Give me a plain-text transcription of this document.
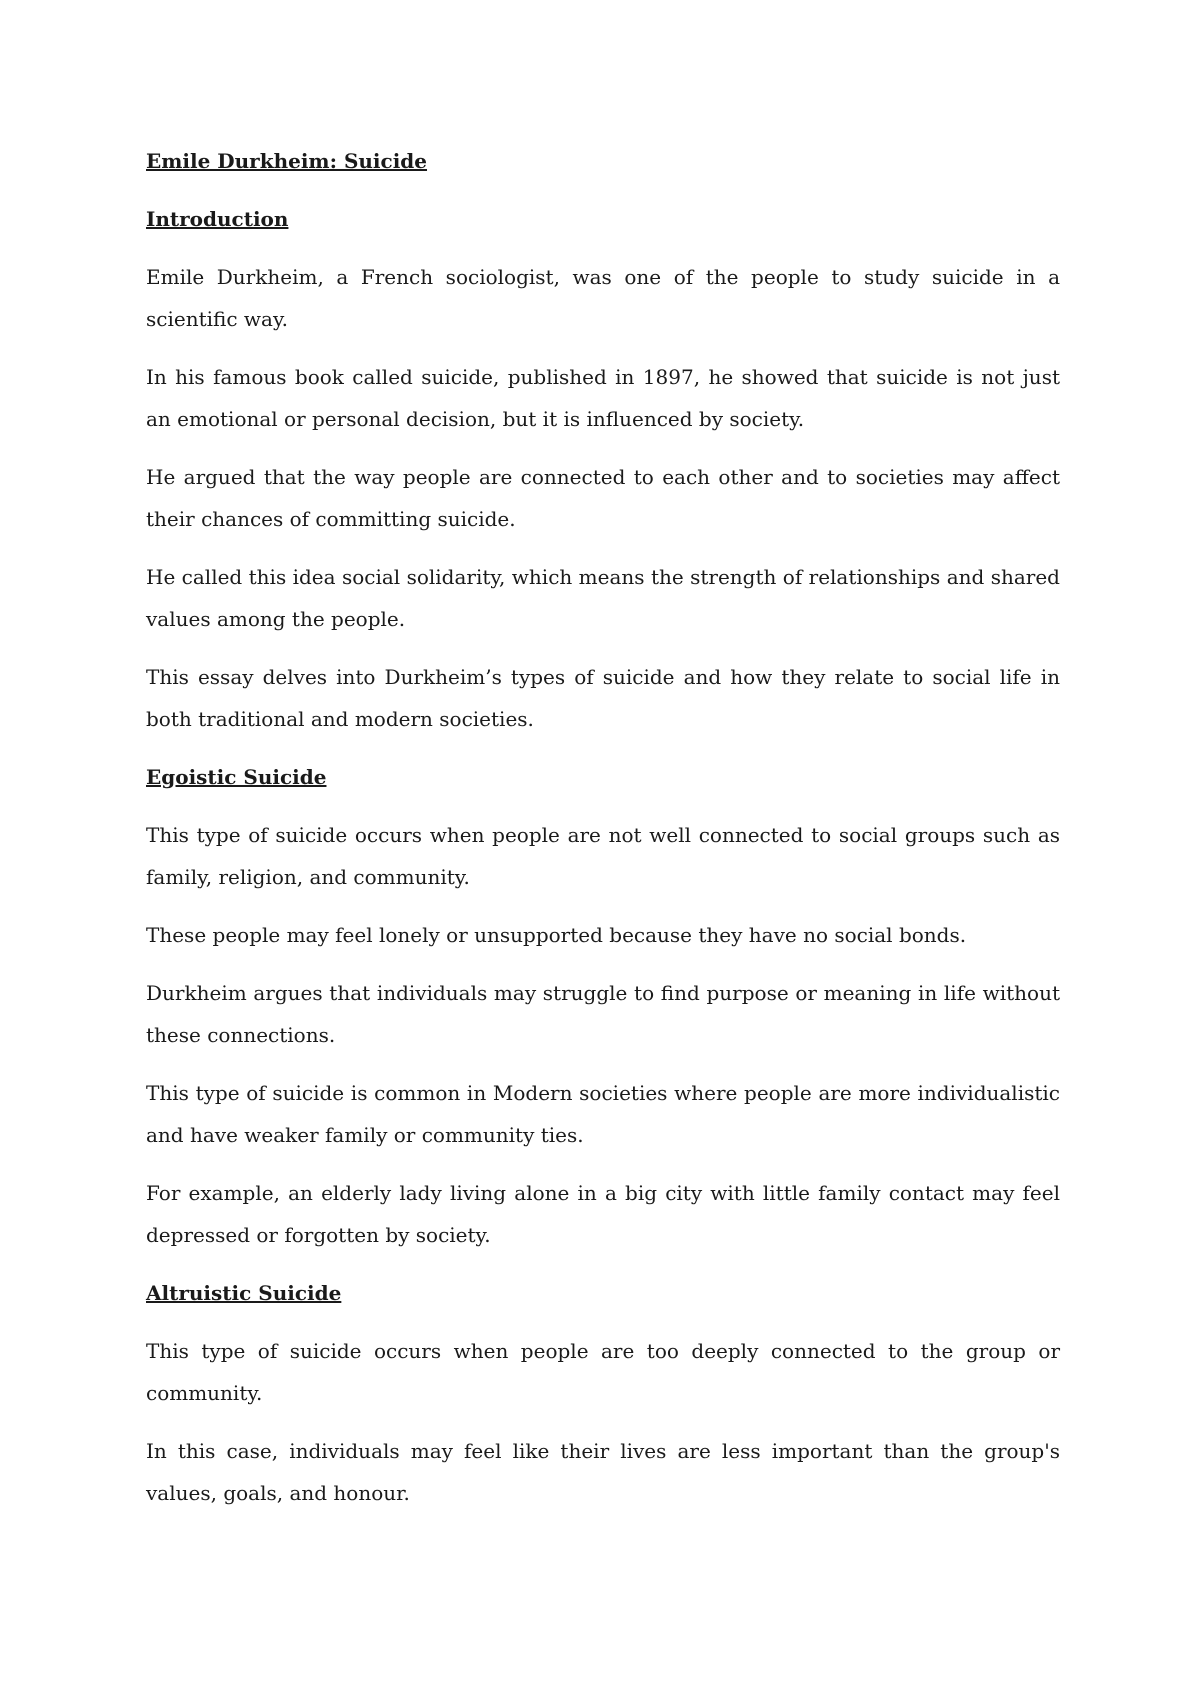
Emile Durkheim: Suicide
Introduction

Emile Durkheim, a French sociologist, was one of the people to study suicide in a scientific way.

In his famous book called suicide, published in 1897, he showed that suicide is not just an emotional or personal decision, but it is influenced by society.

He argued that the way people are connected to each other and to societies may affect their chances of committing suicide.

He called this idea social solidarity, which means the strength of relationships and shared values among the people.

This essay delves into Durkheim’s types of suicide and how they relate to social life in both traditional and modern societies.

Egoistic Suicide

This type of suicide occurs when people are not well connected to social groups such as family, religion, and community.

These people may feel lonely or unsupported because they have no social bonds.

Durkheim argues that individuals may struggle to find purpose or meaning in life without these connections.

This type of suicide is common in Modern societies where people are more individualistic and have weaker family or community ties.

For example, an elderly lady living alone in a big city with little family contact may feel depressed or forgotten by society.

Altruistic Suicide

This type of suicide occurs when people are too deeply connected to the group or community.

In this case, individuals may feel like their lives are less important than the group's values, goals, and honour.
